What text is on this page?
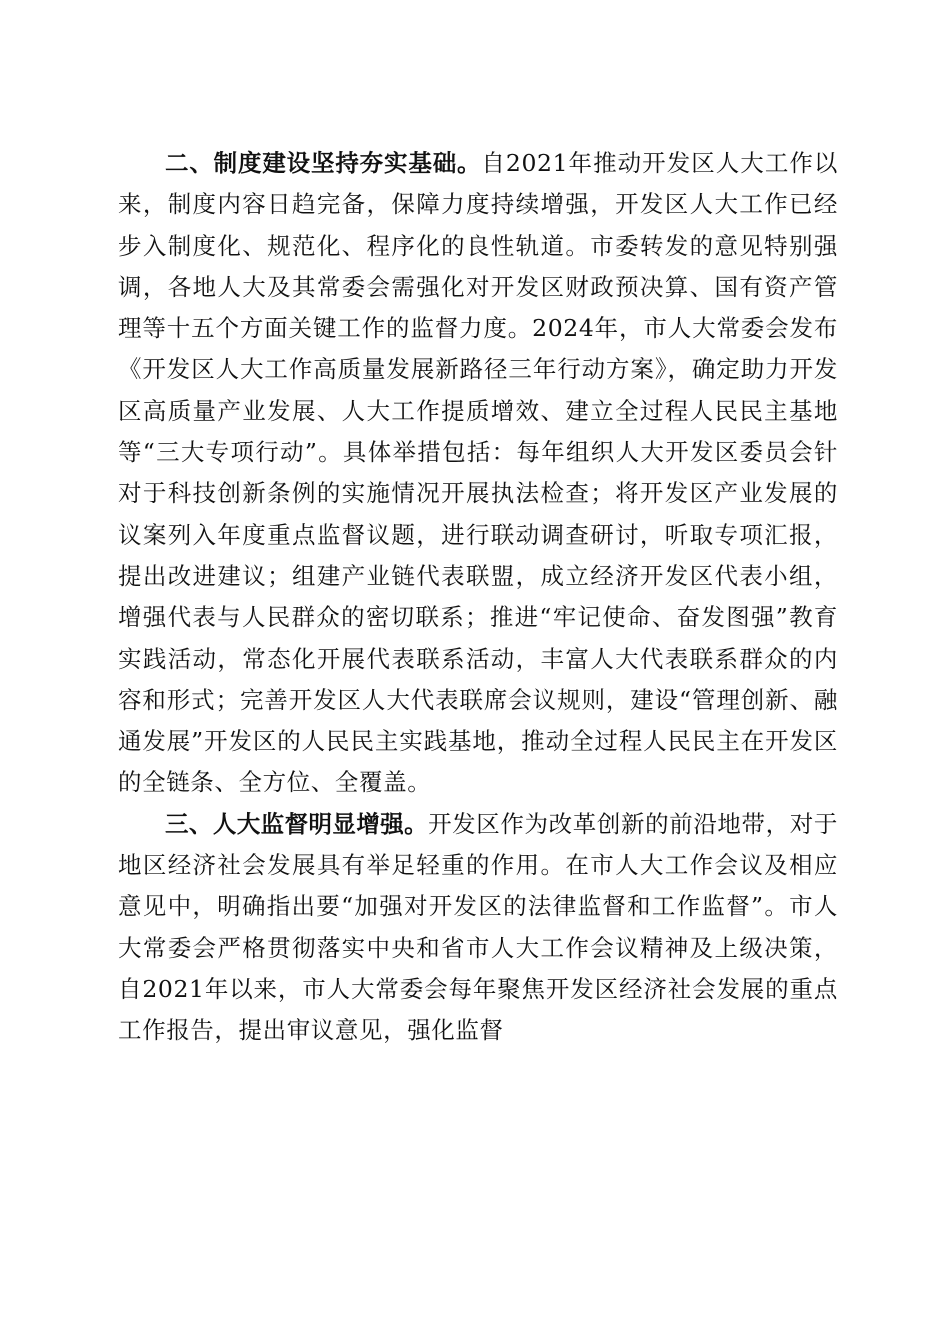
二、制度建设坚持夯实基础。自2021年推动开发区人大工作以来，制度内容日趋完备，保障力度持续增强，开发区人大工作已经步入制度化、规范化、程序化的良性轨道。市委转发的意见特别强调，各地人大及其常委会需强化对开发区财政预决算、国有资产管理等十五个方面关键工作的监督力度。2024年，市人大常委会发布《开发区人大工作高质量发展新路径三年行动方案》，确定助力开发区高质量产业发展、人大工作提质增效、建立全过程人民民主基地等“三大专项行动”。具体举措包括：每年组织人大开发区委员会针对于科技创新条例的实施情况开展执法检查；将开发区产业发展的议案列入年度重点监督议题，进行联动调查研讨，听取专项汇报，提出改进建议；组建产业链代表联盟，成立经济开发区代表小组，增强代表与人民群众的密切联系；推进“牢记使命、奋发图强”教育实践活动，常态化开展代表联系活动，丰富人大代表联系群众的内容和形式；完善开发区人大代表联席会议规则，建设“管理创新、融通发展”开发区的人民民主实践基地，推动全过程人民民主在开发区的全链条、全方位、全覆盖。

三、人大监督明显增强。开发区作为改革创新的前沿地带，对于地区经济社会发展具有举足轻重的作用。在市人大工作会议及相应意见中，明确指出要“加强对开发区的法律监督和工作监督”。市人大常委会严格贯彻落实中央和省市人大工作会议精神及上级决策，自2021年以来，市人大常委会每年聚焦开发区经济社会发展的重点工作报告，提出审议意见，强化监督
